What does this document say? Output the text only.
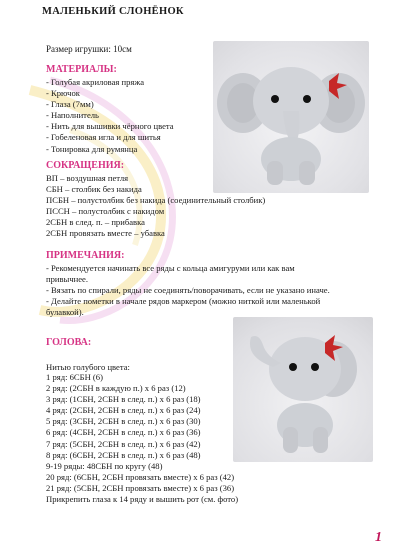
МАЛЕНЬКИЙ СЛОНЁНОК
Размер игрушки: 10см
МАТЕРИАЛЫ:
- Голубая акриловая пряжа
- Крючок
- Глаза (7мм)
- Наполнитель
- Нить для вышивки чёрного цвета
- Гобеленовая игла и для шитья
- Тонировка для румянца
СОКРАЩЕНИЯ:
ВП – воздушная петля
СБН – столбик без накида
ПСБН – полустолбик без накида (соединительный столбик)
ПССН – полустолбик с накидом
2СБН в след. п. – прибавка
2СБН провязать вместе – убавка
ПРИМЕЧАНИЯ:
- Рекомендуется начинать все ряды с кольца амигуруми или как вам
привычнее.
- Вязать по спирали, ряды не соединять/поворачивать, если не указано иначе.
- Делайте пометки в начале рядов маркером (можно ниткой или маленькой
булавкой).
ГОЛОВА:
Нитью голубого цвета:
1 ряд: 6СБН (6)
2 ряд: (2СБН в каждую п.) х 6 раз (12)
3 ряд: (1СБН, 2СБН в след. п.) х 6 раз (18)
4 ряд: (2СБН, 2СБН в след. п.) х 6 раз (24)
5 ряд: (3СБН, 2СБН в след. п.) х 6 раз (30)
6 ряд: (4СБН, 2СБН в след. п.) х 6 раз (36)
7 ряд: (5СБН, 2СБН в след. п.) х 6 раз (42)
8 ряд: (6СБН, 2СБН в след. п.) х 6 раз (48)
9-19 ряды: 48СБН по кругу (48)
20 ряд: (6СБН, 2СБН провязать вместе) х 6 раз (42)
21 ряд: (5СБН, 2СБН провязать вместе) х 6 раз (36)
Прикрепить глаза к 14 ряду и вышить рот (см. фото)
1
